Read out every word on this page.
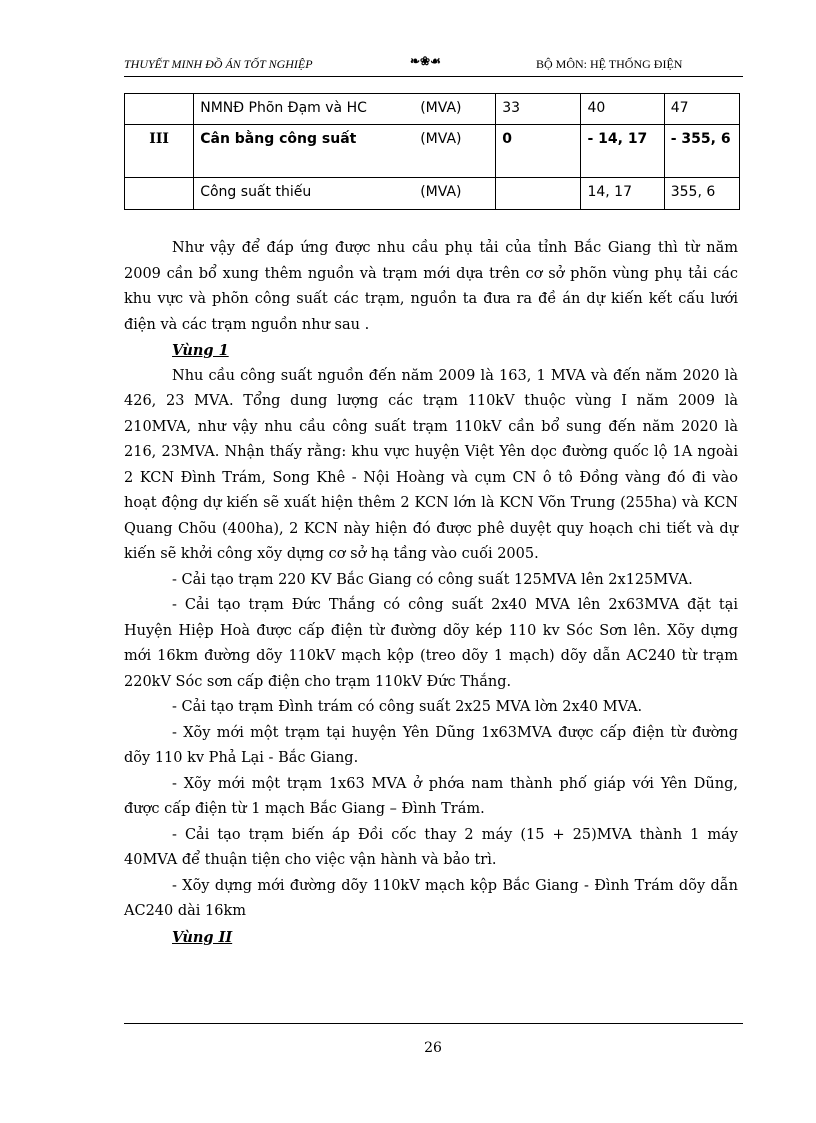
THUYẾT MINH ĐỒ ÁN TỐT NGHIỆP	❧❀☙	BỘ MÔN: HỆ THỐNG ĐIỆN
	NMNĐ Phõn Đạm và HC (MVA)	33	40	47
III	Cân bằng công suất (MVA)	0	- 14, 17	- 355, 6
	Công suất thiếu (MVA)		14, 17	355, 6

Như vậy để đáp ứng được nhu cầu phụ tải của tỉnh Bắc Giang thì từ năm 2009 cần bổ xung thêm nguồn và trạm mới dựa trên cơ sở phõn vùng phụ tải các khu vực và phõn công suất các trạm, nguồn ta đưa ra đề án dự kiến kết cấu lưới điện và các trạm nguồn như sau .

Vùng 1

Nhu cầu công suất nguồn đến năm 2009 là 163, 1 MVA và đến năm 2020 là 426, 23 MVA. Tổng dung lượng các trạm 110kV thuộc vùng I năm 2009 là 210MVA, như vậy nhu cầu công suất trạm 110kV cần bổ sung đến năm 2020 là 216, 23MVA. Nhận thấy rằng: khu vực huyện Việt Yên dọc đường quốc lộ 1A ngoài 2 KCN Đình Trám, Song Khê - Nội Hoàng và cụm CN ô tô Đồng vàng đó đi vào hoạt động dự kiến sẽ xuất hiện thêm 2 KCN lớn là KCN Võn Trung (255ha) và KCN Quang Chõu (400ha), 2 KCN này hiện đó được phê duyệt quy hoạch chi tiết và dự kiến sẽ khởi công xõy dựng cơ sở hạ tầng vào cuối 2005.

- Cải tạo trạm 220 KV Bắc Giang có công suất 125MVA lên 2x125MVA.

- Cải tạo trạm Đức Thắng có công suất 2x40 MVA lên 2x63MVA đặt tại Huyện Hiệp Hoà được cấp điện từ đường dõy kép 110 kv Sóc Sơn lên. Xõy dựng mới 16km đường dõy 110kV mạch kộp (treo dõy 1 mạch) dõy dẫn AC240 từ trạm 220kV Sóc sơn cấp điện cho trạm 110kV Đức Thắng.

- Cải tạo trạm Đình trám có công suất 2x25 MVA lờn 2x40 MVA.

- Xõy mới một trạm tại huyện Yên Dũng 1x63MVA được cấp điện từ đường dõy 110 kv Phả Lại - Bắc Giang.

- Xõy mới một trạm 1x63 MVA ở phớa nam thành phố giáp với Yên Dũng, được cấp điện từ 1 mạch Bắc Giang – Đình Trám.

- Cải tạo trạm biến áp Đồi cốc thay 2 máy (15 + 25)MVA thành 1 máy 40MVA để thuận tiện cho việc vận hành và bảo trì.

- Xõy dựng mới đường dõy 110kV mạch kộp Bắc Giang - Đình Trám dõy dẫn AC240 dài 16km

Vùng II

26
